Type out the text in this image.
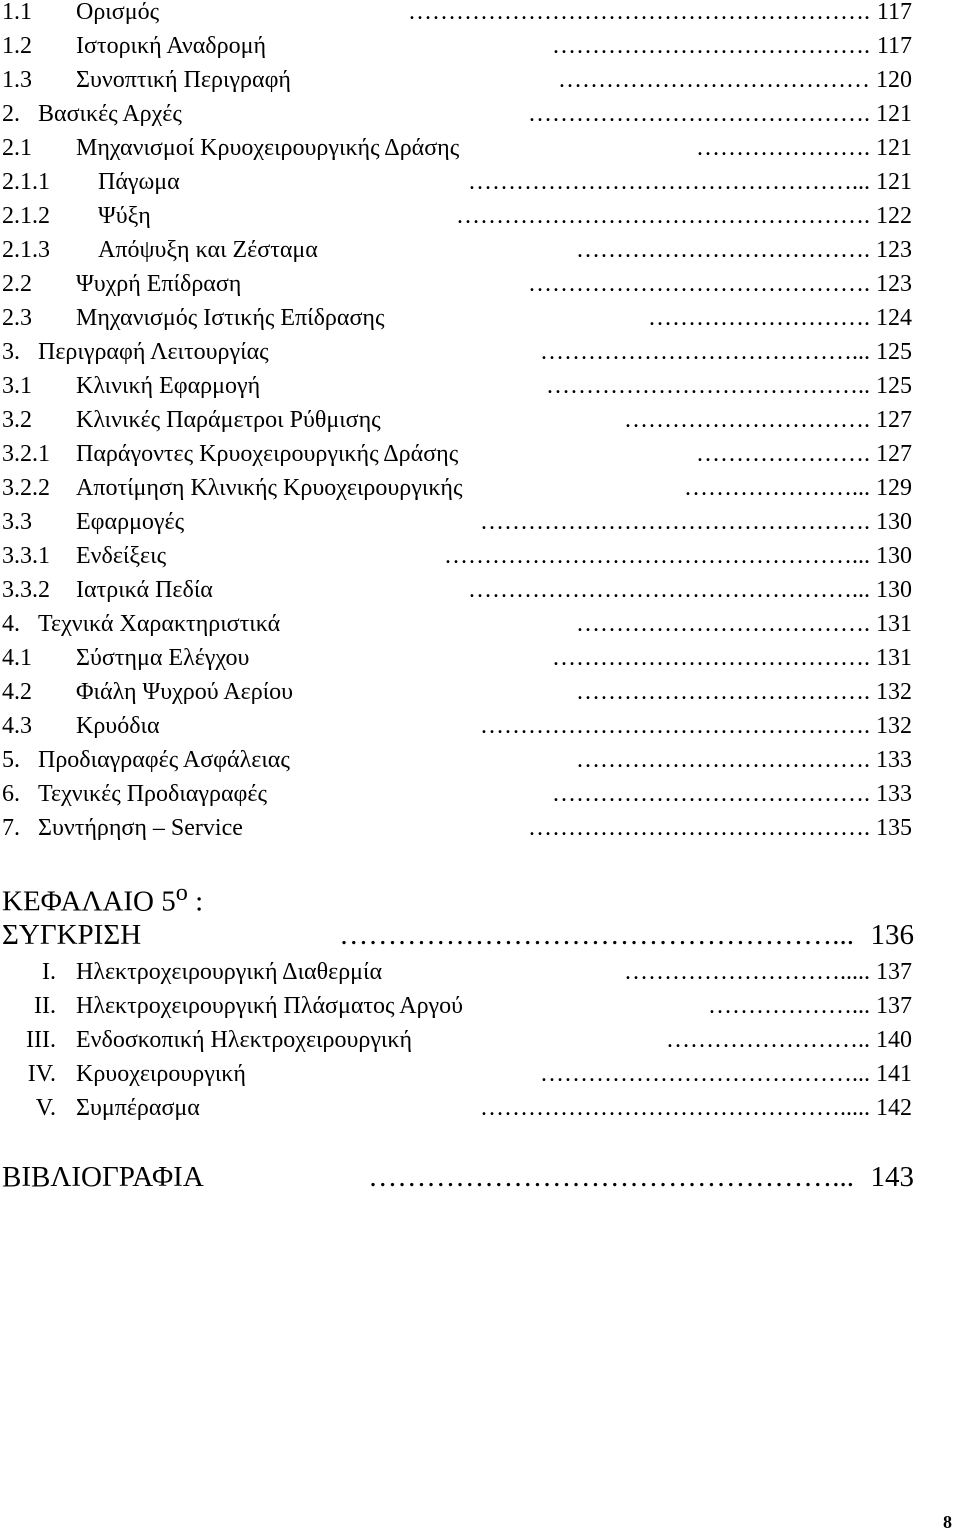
1.1 Ορισμός	…………………………………………………. 117
1.2 Ιστορική Αναδρομή	…………………………………. 117
1.3 Συνοπτική Περιγραφή	………………………………… 120
2. Βασικές Αρχές	……………………………………. 121
2.1 Μηχανισμοί Κρυοχειρουργικής Δράσης	…………………. 121
2.1.1 Πάγωμα	…………………………………………... 121
2.1.2 Ψύξη	……………………………………………. 122
2.1.3 Απόψυξη και Ζέσταμα	………………………………. 123
2.2 Ψυχρή Επίδραση	……………………………………. 123
2.3 Μηχανισμός Ιστικής Επίδρασης	………………………. 124
3. Περιγραφή Λειτουργίας	…………………………………... 125
3.1 Κλινική Εφαρμογή	………………………………….. 125
3.2 Κλινικές Παράμετροι Ρύθμισης	…………………………. 127
3.2.1 Παράγοντες Κρυοχειρουργικής Δράσης	…………………. 127
3.2.2 Αποτίμηση Κλινικής Κρυοχειρουργικής	…………………... 129
3.3 Εφαρμογές	…………………………………………. 130
3.3.1 Ενδείξεις	……………………………………………... 130
3.3.2 Ιατρικά Πεδία	…………………………………………... 130
4. Τεχνικά Χαρακτηριστικά	………………………………. 131
4.1 Σύστημα Ελέγχου	…………………………………. 131
4.2 Φιάλη Ψυχρού Αερίου	………………………………. 132
4.3 Κρυόδια	…………………………………………. 132
5. Προδιαγραφές Ασφάλειας	………………………………. 133
6. Τεχνικές Προδιαγραφές	…………………………………. 133
7. Συντήρηση – Service	……………………………………. 135
ΚΕΦΑΛΑΙΟ $5^o$ :
ΣΥΓΚΡΙΣΗ	……………………………………………... 136
I. Ηλεκτροχειρουργική Διαθερμία	………………………..... 137
II. Ηλεκτροχειρουργική Πλάσματος Αργού	………………... 137
III. Ενδοσκοπική Ηλεκτροχειρουργική	…………………….. 140
IV. Κρυοχειρουργική	…………………………………... 141
V. Συμπέρασμα	………………………………………..... 142
ΒΙΒΛΙΟΓΡΑΦΙΑ	…………………………………………... 143
8
